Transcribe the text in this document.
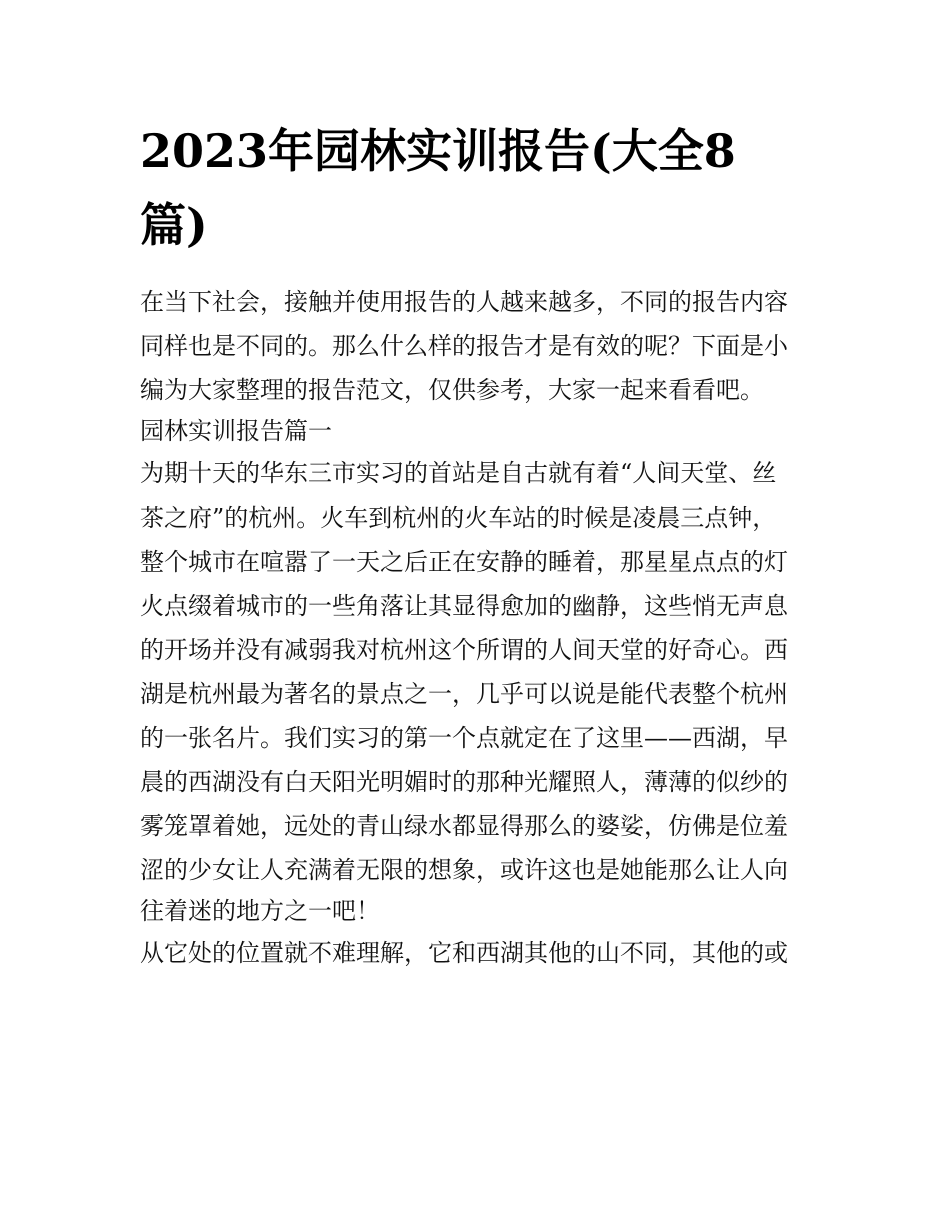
2023年园林实训报告(大全8
篇)
在当下社会，接触并使用报告的人越来越多，不同的报告内容
同样也是不同的。那么什么样的报告才是有效的呢？下面是小
编为大家整理的报告范文，仅供参考，大家一起来看看吧。
园林实训报告篇一
为期十天的华东三市实习的首站是自古就有着“人间天堂、丝
茶之府”的杭州。火车到杭州的火车站的时候是凌晨三点钟，
整个城市在喧嚣了一天之后正在安静的睡着，那星星点点的灯
火点缀着城市的一些角落让其显得愈加的幽静，这些悄无声息
的开场并没有减弱我对杭州这个所谓的人间天堂的好奇心。西
湖是杭州最为著名的景点之一，几乎可以说是能代表整个杭州
的一张名片。我们实习的第一个点就定在了这里——西湖，早
晨的西湖没有白天阳光明媚时的那种光耀照人，薄薄的似纱的
雾笼罩着她，远处的青山绿水都显得那么的婆娑，仿佛是位羞
涩的少女让人充满着无限的想象，或许这也是她能那么让人向
往着迷的地方之一吧！
从它处的位置就不难理解，它和西湖其他的山不同，其他的或
